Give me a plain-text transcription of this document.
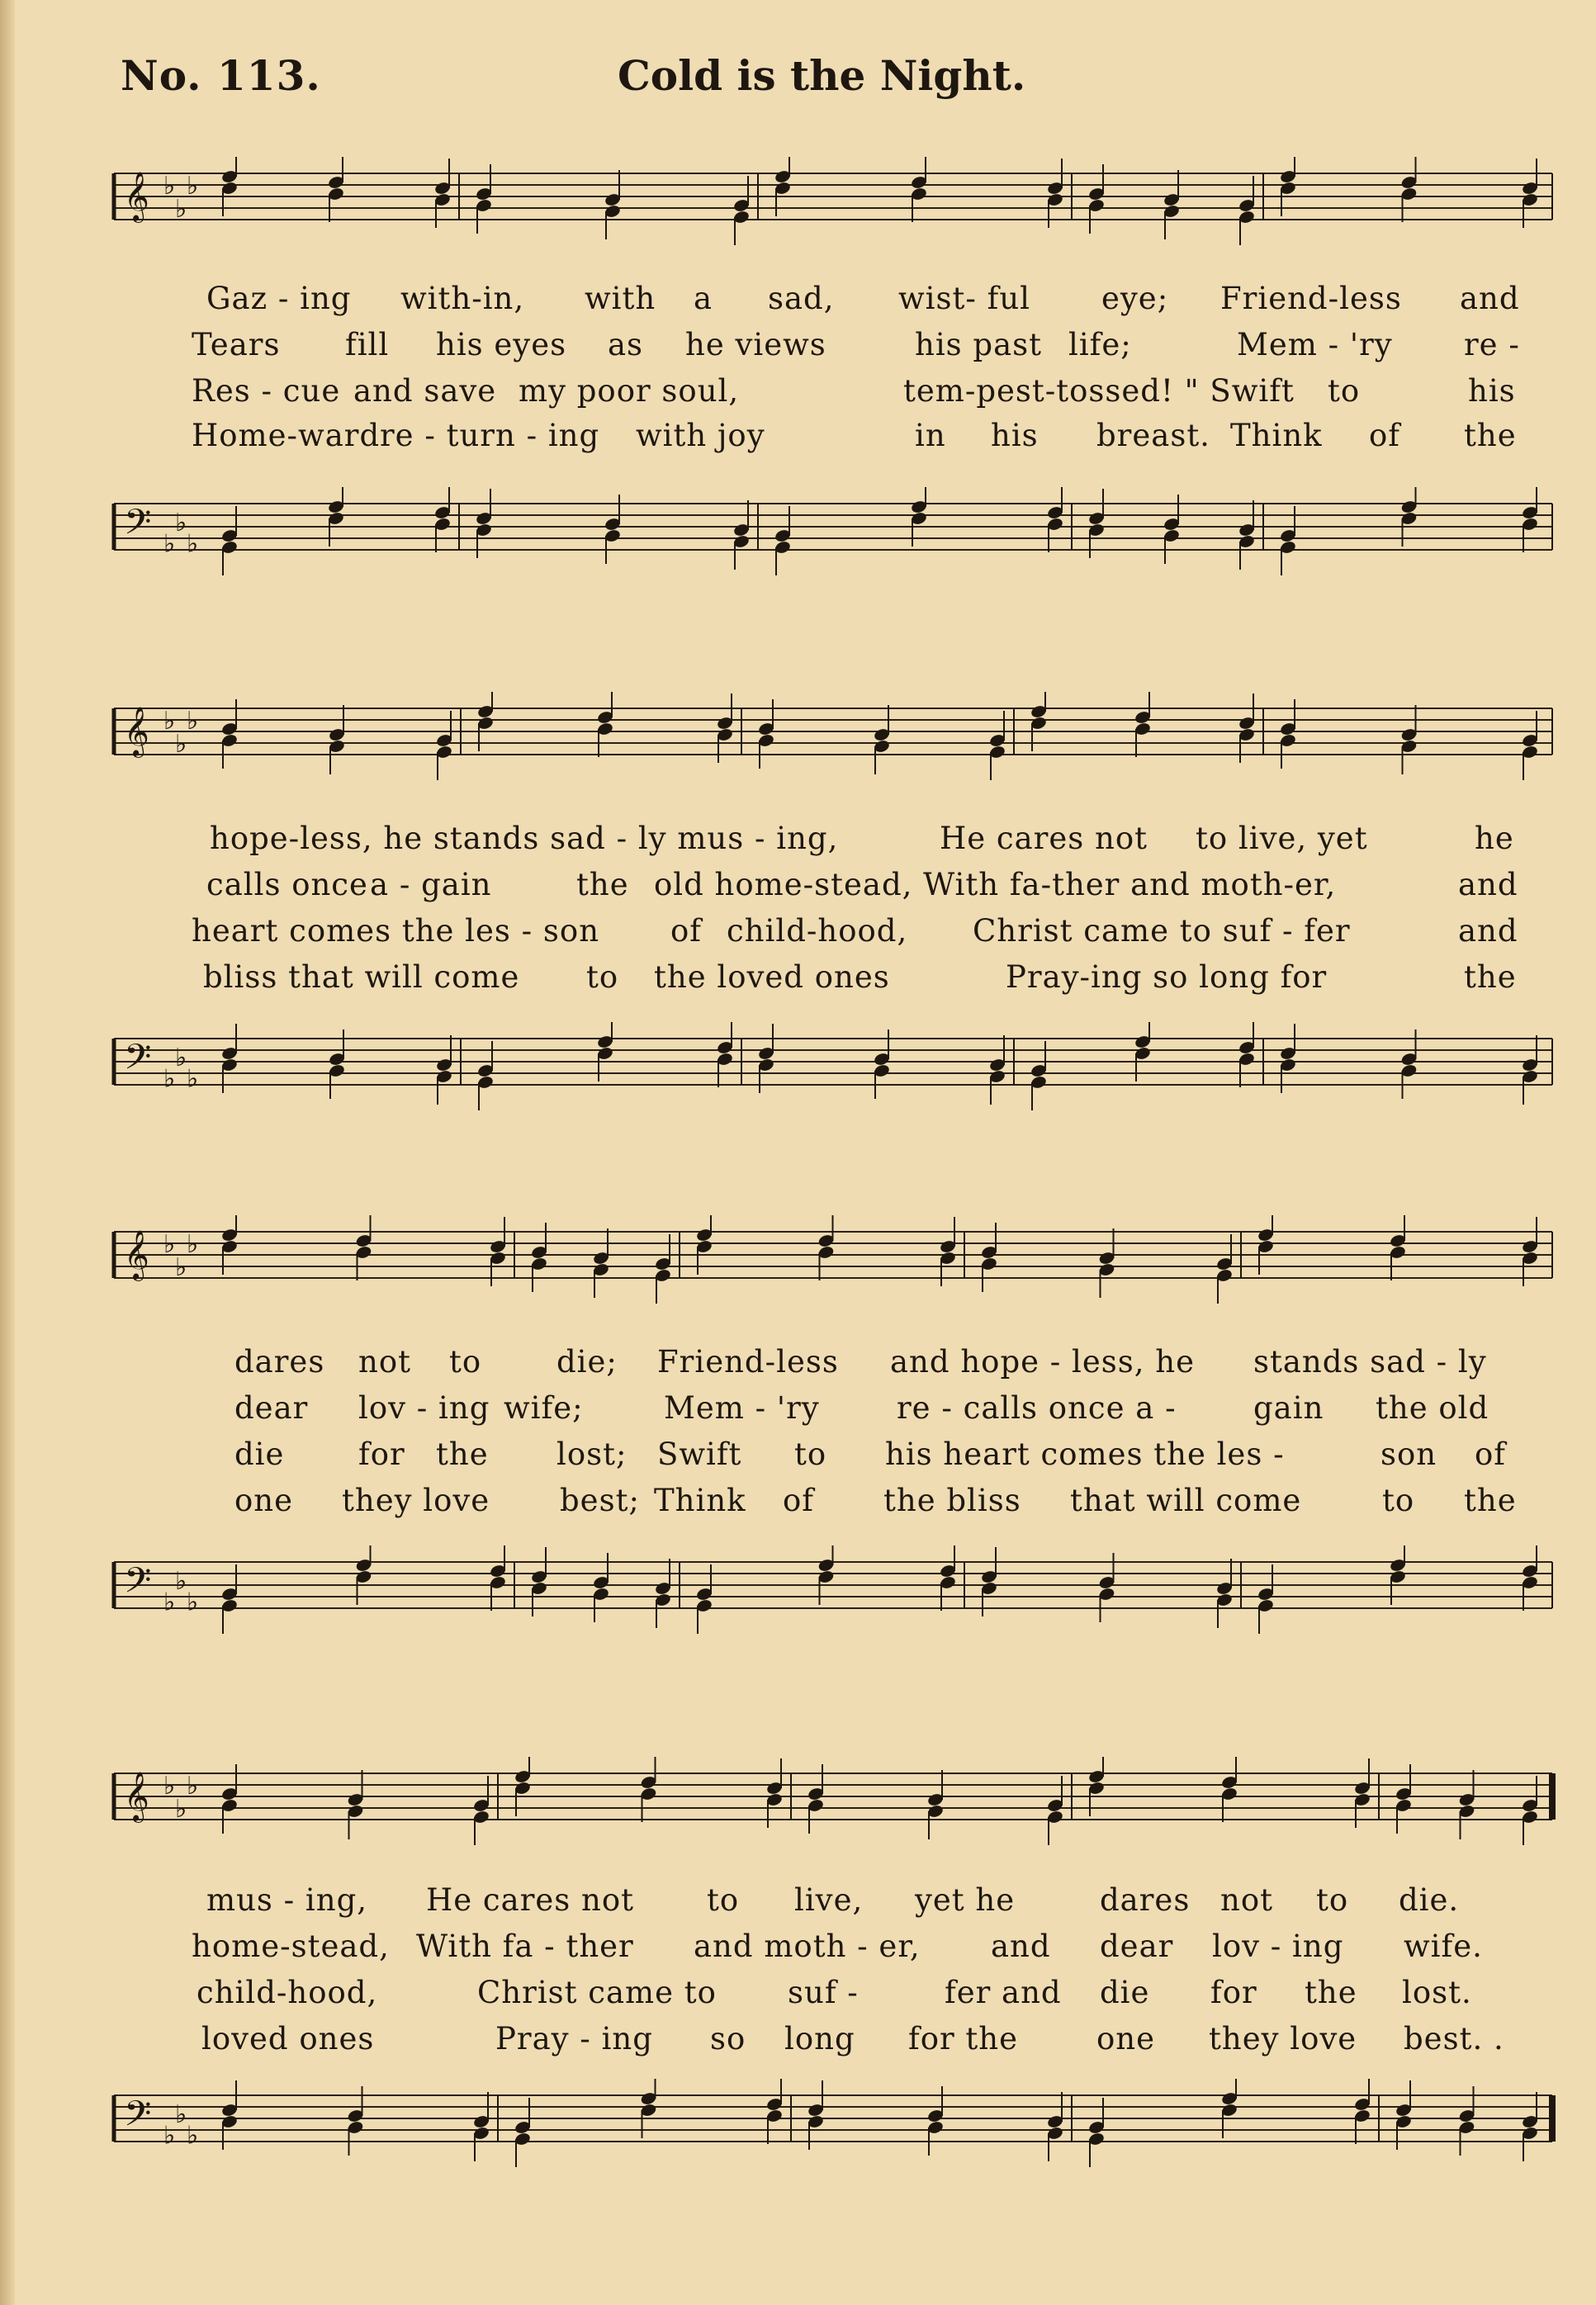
No. 113.	Cold is the Night.
𝄞 ♭
♭
♭
Gaz - ing with-in, with a sad, wist- ful eye; Friend-less and
Tears fill his eyes as he views	his past life;	Mem - 'ry re -
Res - cue and save my poor soul,	tem-pest-tossed! " Swift to	his
Home-ward re - turn - ing with joy	in his breast. Think of the
𝄢 ♭
♭
♭
𝄞 ♭
♭
♭
hope-less, he stands sad - ly mus - ing,	He cares not to live, yet	he
calls once a - gain	the old home-stead, With fa-ther and moth-er,	and
heart comes the les - son of child-hood, Christ came to suf - fer	and
bliss that will come to the loved ones	Pray-ing so long for	the
𝄢 ♭
♭
♭
𝄞 ♭
♭
♭
dares not to die; Friend-less and hope - less, he stands sad - ly
dear lov - ing wife;	Mem - 'ry	re - calls once a -	gain the old
die for the lost; Swift to his heart comes the les -	son of
one they love best; Think of the bliss that will come	to the
𝄢 ♭
♭
♭
𝄞 ♭
♭
♭
mus - ing, He cares not to live, yet he	dares not to die.
home-stead, With fa - ther and moth - er, and dear lov - ing wife.
child-hood,	Christ came to suf -	fer and die for the lost.
loved ones	Pray - ing so long for the	one they love best. .
𝄢 ♭
♭
♭
